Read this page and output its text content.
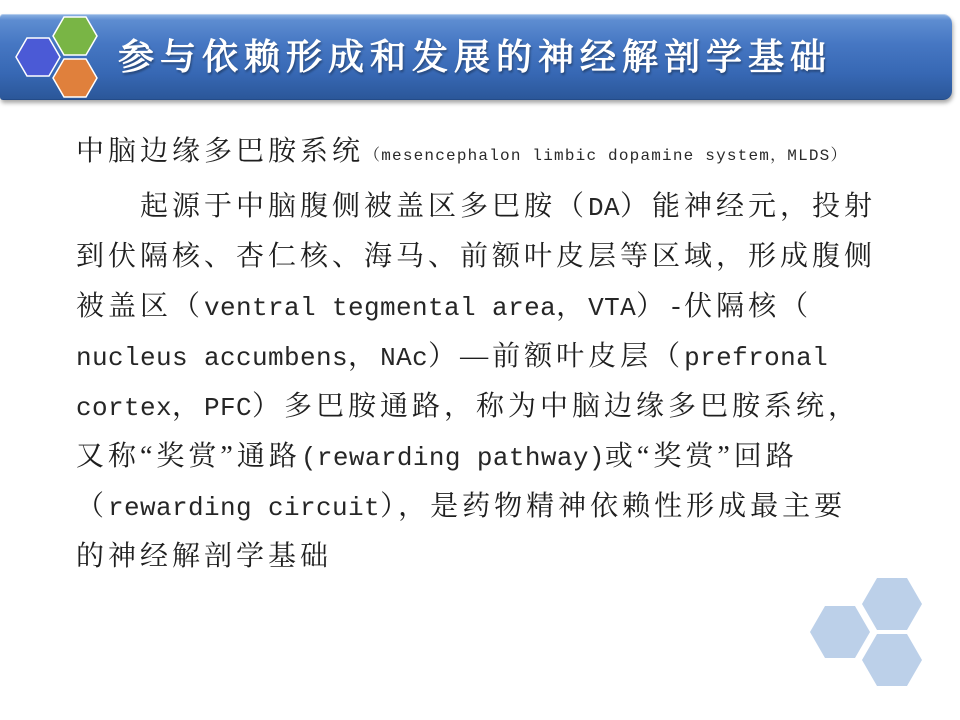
参与依赖形成和发展的神经解剖学基础
中脑边缘多巴胺系统（mesencephalon limbic dopamine system，MLDS）
起源于中脑腹侧被盖区多巴胺（DA）能神经元，投射
到伏隔核、杏仁核、海马、前额叶皮层等区域，形成腹侧
被盖区（ventral tegmental area，VTA）-伏隔核（
nucleus accumbens，NAc）—前额叶皮层（prefronal
cortex，PFC）多巴胺通路，称为中脑边缘多巴胺系统，
又称“奖赏”通路(rewarding pathway)或“奖赏”回路
（rewarding circuit），是药物精神依赖性形成最主要
的神经解剖学基础
